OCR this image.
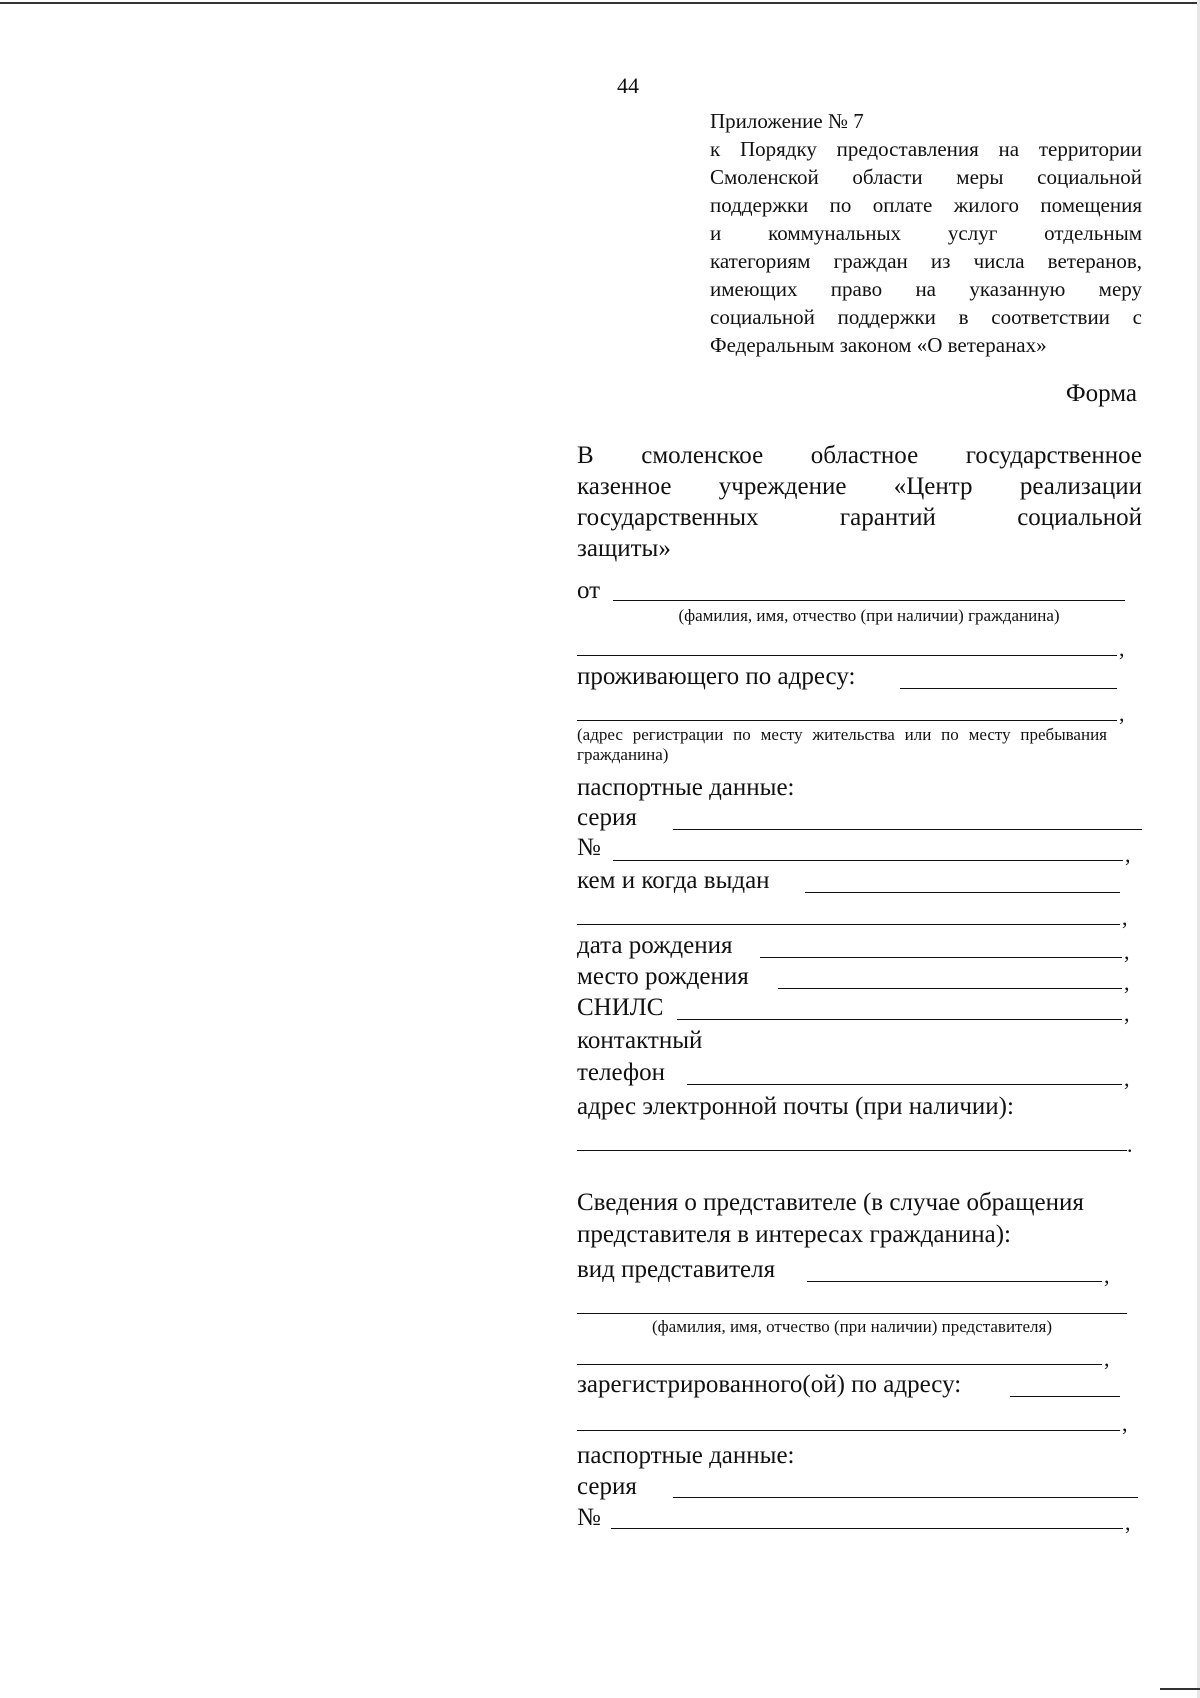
44
Приложение № 7
к Порядку предоставления на территории
Смоленской области меры социальной
поддержки по оплате жилого помещения
и коммунальных услуг отдельным
категориям граждан из числа ветеранов,
имеющих право на указанную меру
социальной поддержки в соответствии с
Федеральным законом «О ветеранах»
Форма
В смоленское областное государственное
казенное учреждение «Центр реализации
государственных гарантий социальной
защиты»
от
(фамилия, имя, отчество (при наличии) гражданина)
,
проживающего по адресу:
,
(адрес регистрации по месту жительства или по месту пребывания гражданина)
паспортные данные:
серия
№	,
кем и когда выдан
,
дата рождения	,
место рождения	,
СНИЛС	,
контактный
телефон	,
адрес электронной почты (при наличии):
.
Сведения о представителе (в случае обращения представителя в интересах гражданина):
вид представителя	,
(фамилия, имя, отчество (при наличии) представителя)
,
зарегистрированного(ой) по адресу:
,
паспортные данные:
серия
№	,
